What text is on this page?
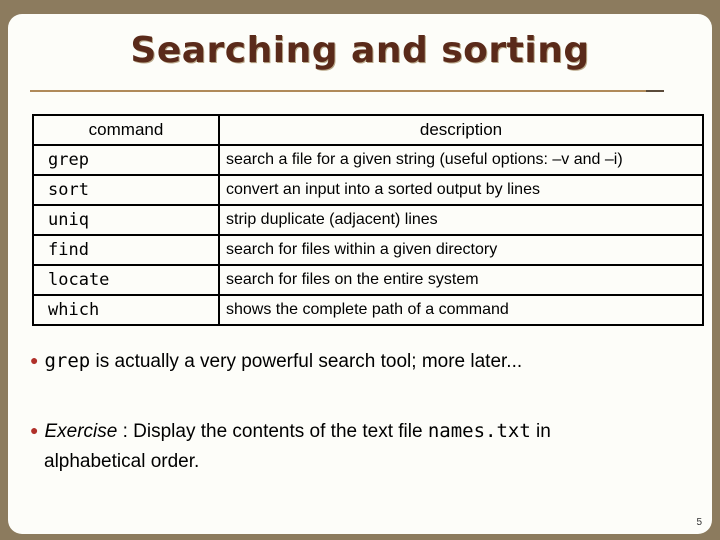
Searching and sorting
command	description
grep	search a file for a given string (useful options: –v and –i)
sort	convert an input into a sorted output by lines
uniq	strip duplicate (adjacent) lines
find	search for files within a given directory
locate	search for files on the entire system
which	shows the complete path of a command
● grep is actually a very powerful search tool; more later...
● Exercise : Display the contents of the text file names.txt in
alphabetical order.
5
